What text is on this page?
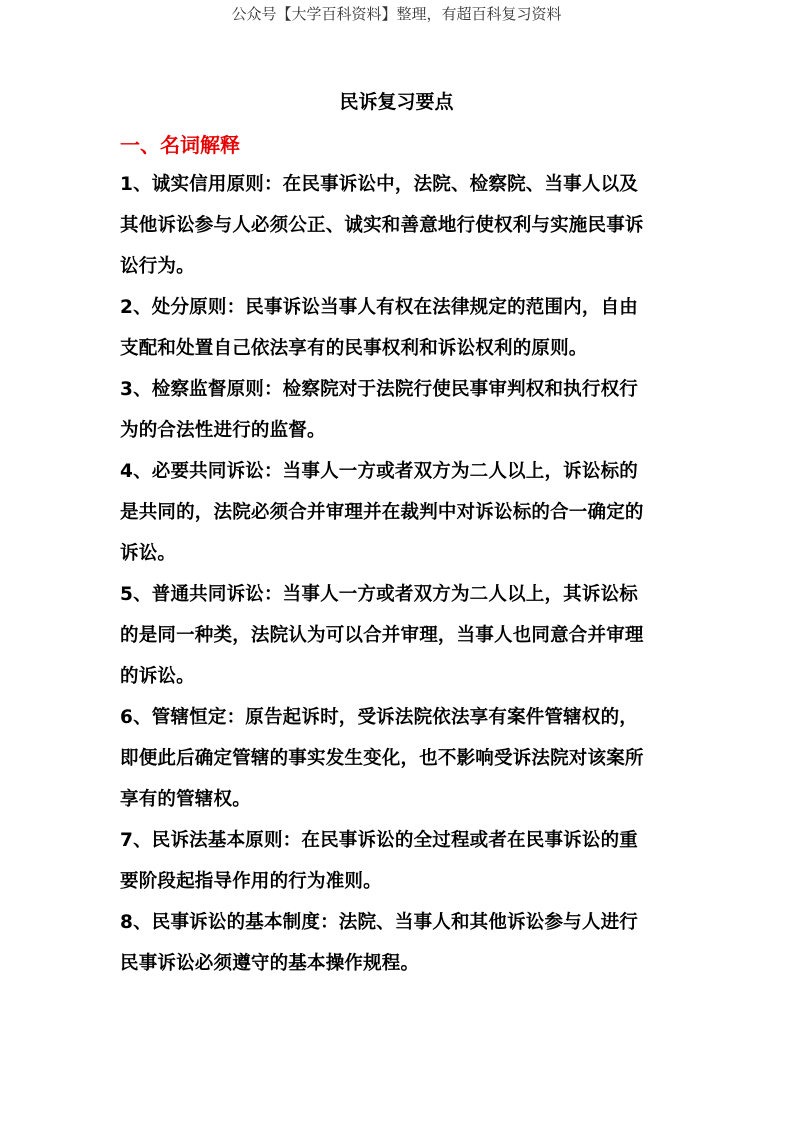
公众号【大学百科资料】整理，有超百科复习资料
民诉复习要点
一、名词解释
1、诚实信用原则：在民事诉讼中，法院、检察院、当事人以及
其他诉讼参与人必须公正、诚实和善意地行使权利与实施民事诉
讼行为。
2、处分原则：民事诉讼当事人有权在法律规定的范围内，自由
支配和处置自己依法享有的民事权利和诉讼权利的原则。
3、检察监督原则：检察院对于法院行使民事审判权和执行权行
为的合法性进行的监督。
4、必要共同诉讼：当事人一方或者双方为二人以上，诉讼标的
是共同的，法院必须合并审理并在裁判中对诉讼标的合一确定的
诉讼。
5、普通共同诉讼：当事人一方或者双方为二人以上，其诉讼标
的是同一种类，法院认为可以合并审理，当事人也同意合并审理
的诉讼。
6、管辖恒定：原告起诉时，受诉法院依法享有案件管辖权的，
即便此后确定管辖的事实发生变化，也不影响受诉法院对该案所
享有的管辖权。
7、民诉法基本原则：在民事诉讼的全过程或者在民事诉讼的重
要阶段起指导作用的行为准则。
8、民事诉讼的基本制度：法院、当事人和其他诉讼参与人进行
民事诉讼必须遵守的基本操作规程。
